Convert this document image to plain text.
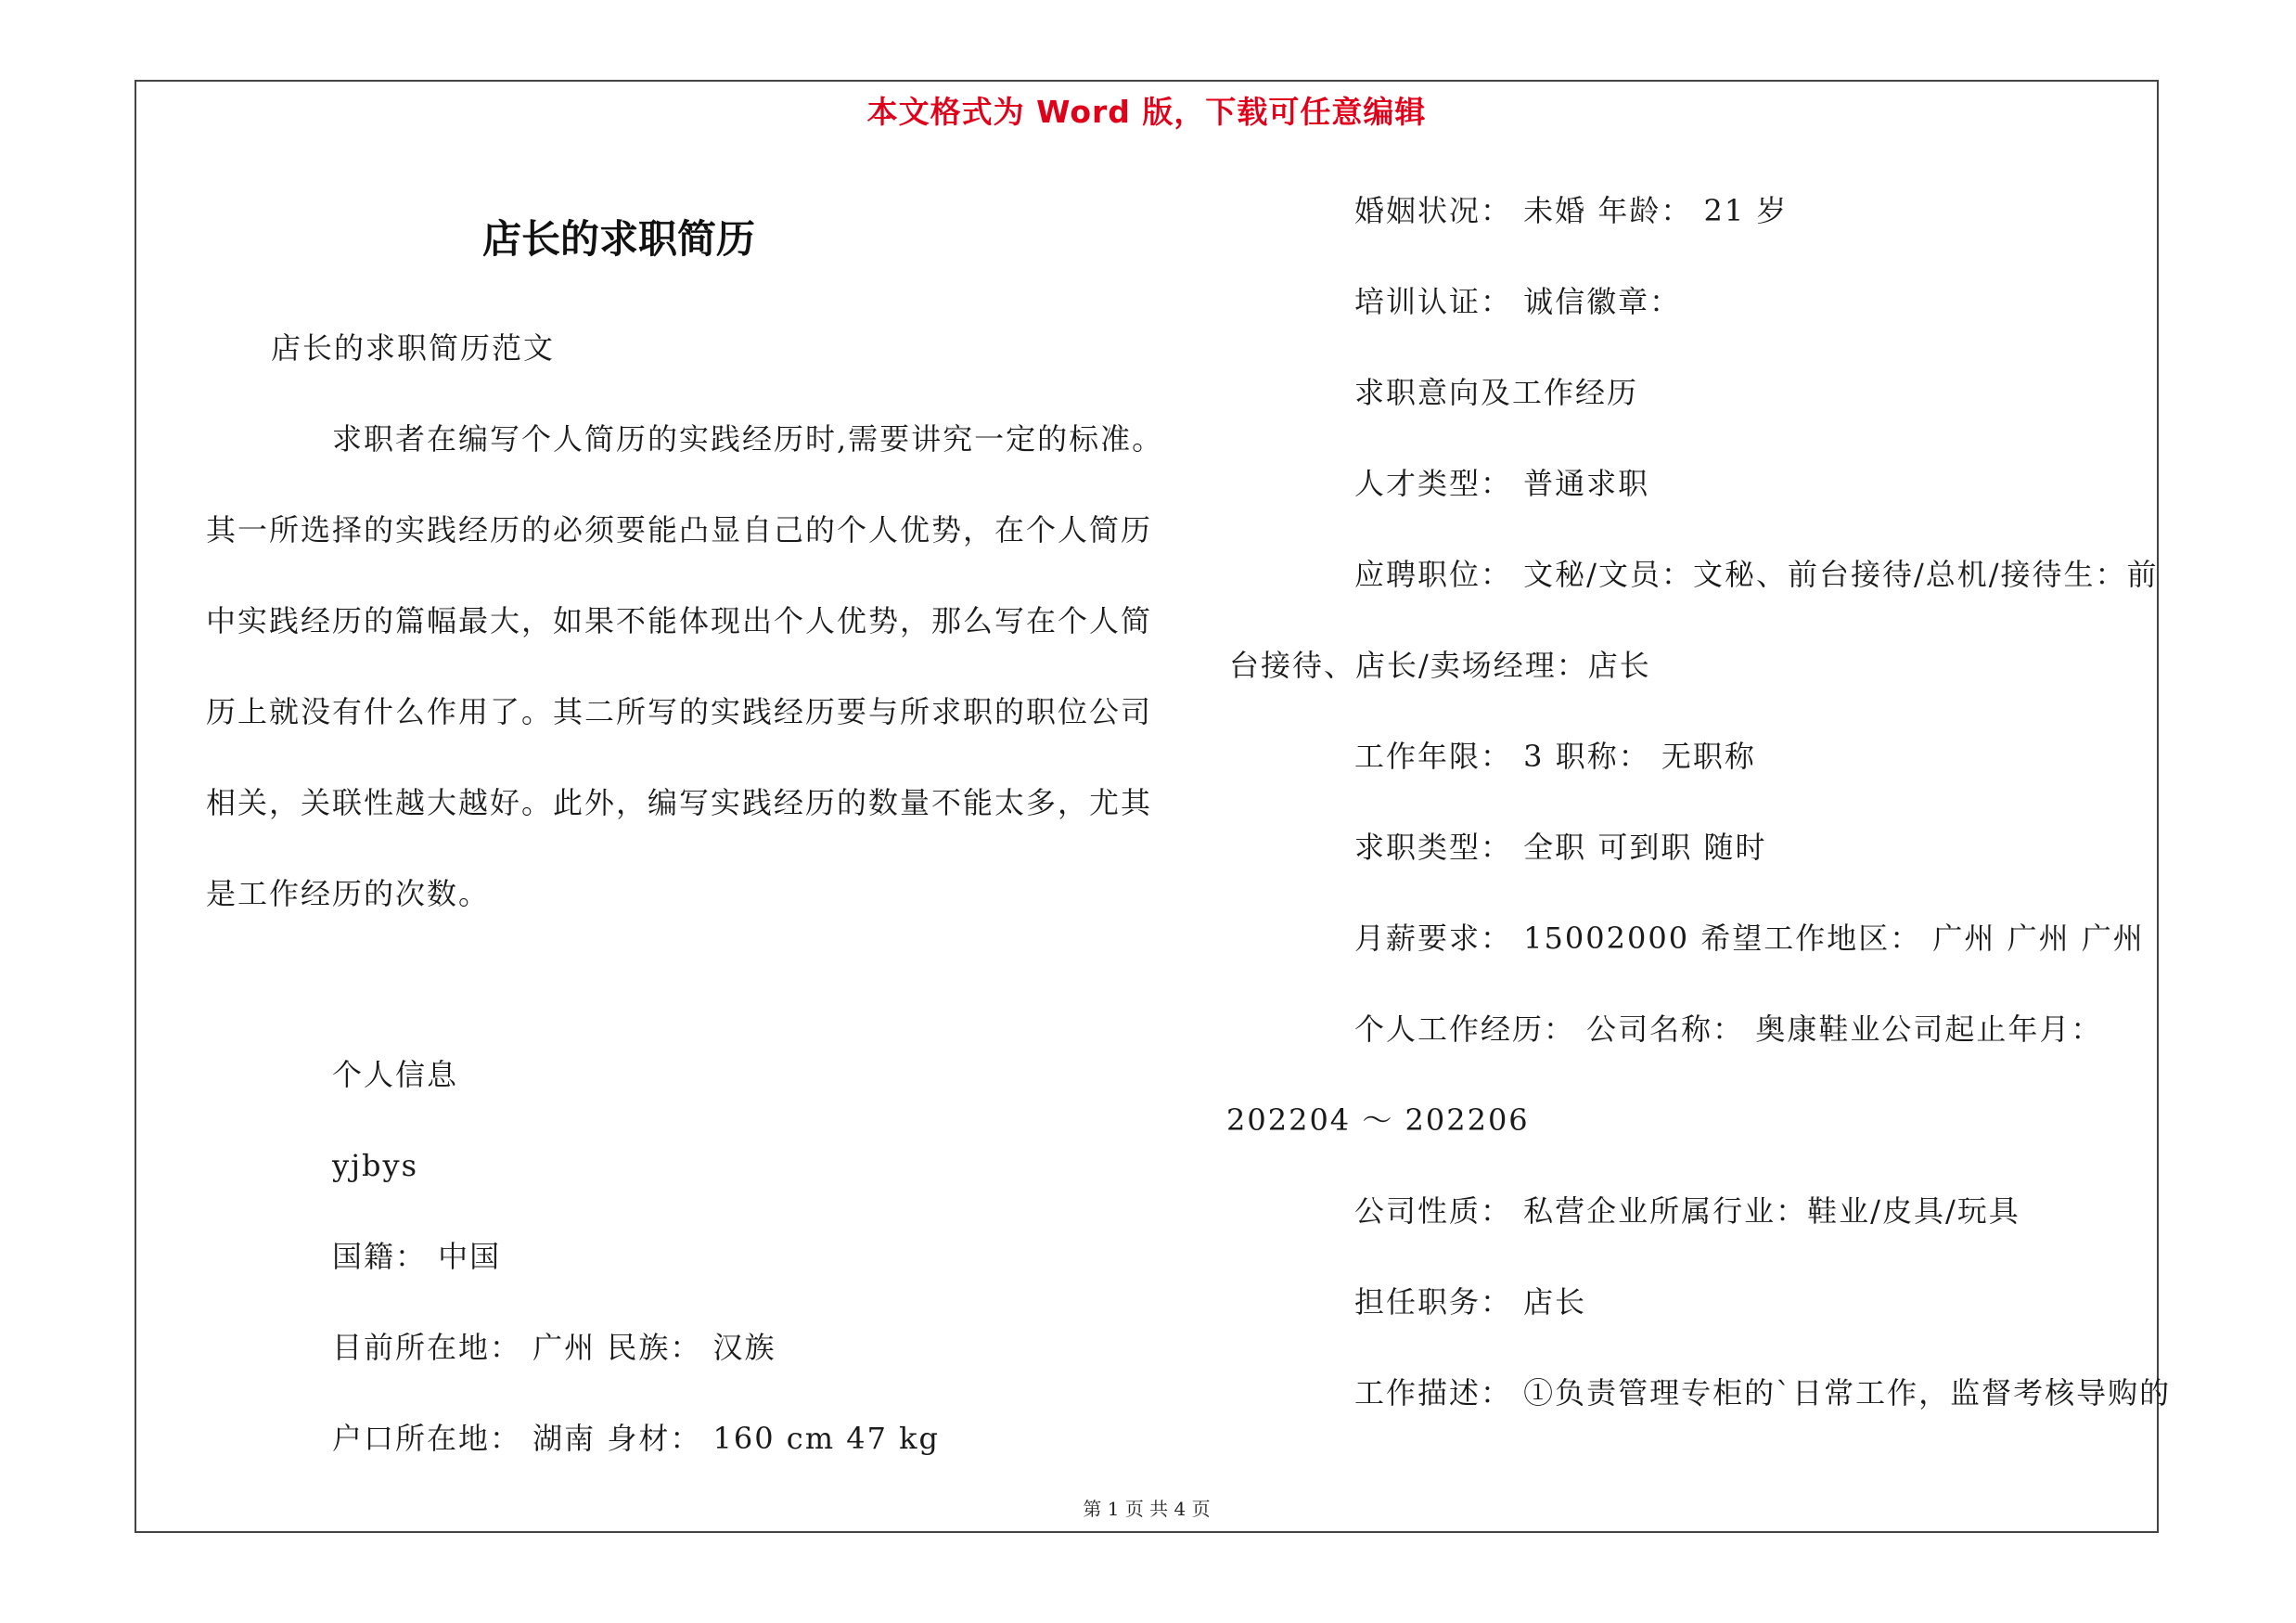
本文格式为 Word 版，下载可任意编辑
店长的求职简历
店长的求职简历范文
求职者在编写个人简历的实践经历时,需要讲究一定的标准。
其一所选择的实践经历的必须要能凸显自己的个人优势，在个人简历
中实践经历的篇幅最大，如果不能体现出个人优势，那么写在个人简
历上就没有什么作用了。其二所写的实践经历要与所求职的职位公司
相关，关联性越大越好。此外，编写实践经历的数量不能太多，尤其
是工作经历的次数。
个人信息
yjbys
国籍： 中国
目前所在地： 广州 民族： 汉族
户口所在地： 湖南 身材： 160 cm 47 kg
婚姻状况： 未婚 年龄： 21 岁
培训认证： 诚信徽章：
求职意向及工作经历
人才类型： 普通求职
应聘职位： 文秘/文员：文秘、前台接待/总机/接待生：前
台接待、店长/卖场经理：店长
工作年限： 3 职称： 无职称
求职类型： 全职 可到职 随时
月薪要求： 15002000 希望工作地区： 广州 广州 广州
个人工作经历： 公司名称： 奥康鞋业公司起止年月：
202204 ～ 202206
公司性质： 私营企业所属行业：鞋业/皮具/玩具
担任职务： 店长
工作描述： ①负责管理专柜的`日常工作，监督考核导购的
第 1 页 共 4 页
